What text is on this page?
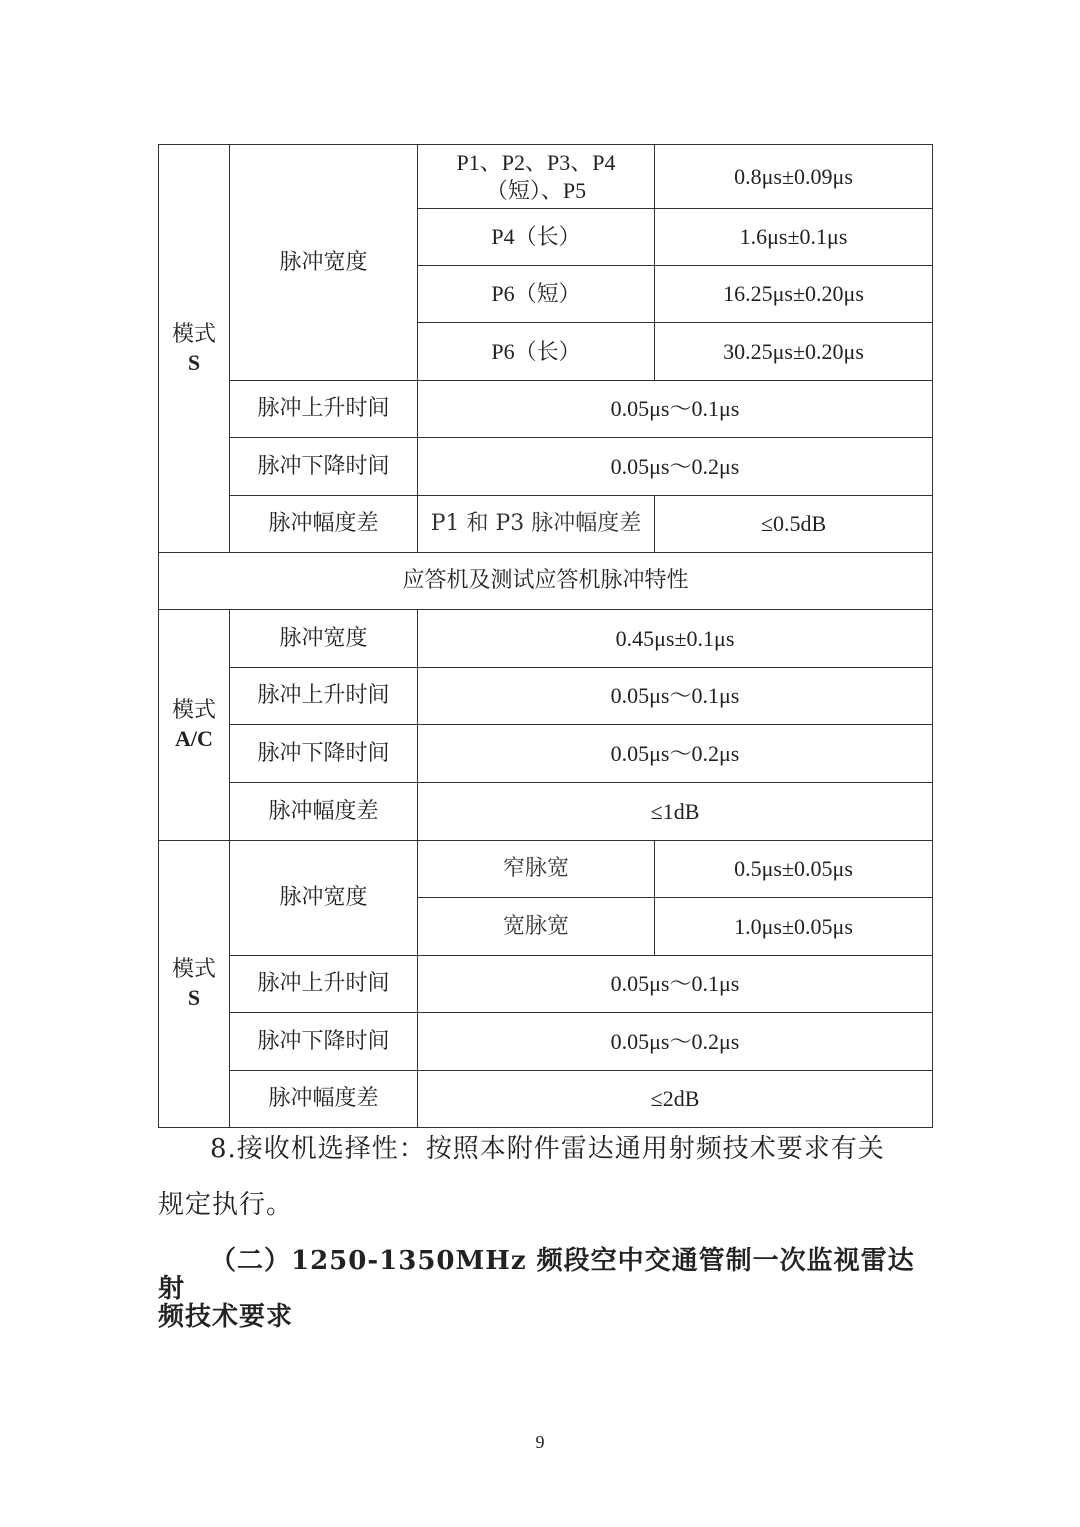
模式
S	脉冲宽度	P1、P2、P3、P4（短）、P5	0.8μs±0.09μs
		P4（长）	1.6μs±0.1μs
		P6（短）	16.25μs±0.20μs
		P6（长）	30.25μs±0.20μs
	脉冲上升时间	0.05μs～0.1μs	
	脉冲下降时间	0.05μs～0.2μs	
	脉冲幅度差	P1 和 P3 脉冲幅度差	≤0.5dB
应答机及测试应答机脉冲特性			
模式
A/C	脉冲宽度	0.45μs±0.1μs	
	脉冲上升时间	0.05μs～0.1μs	
	脉冲下降时间	0.05μs～0.2μs	
	脉冲幅度差	≤1dB	
模式
S	脉冲宽度	窄脉宽	0.5μs±0.05μs
		宽脉宽	1.0μs±0.05μs
	脉冲上升时间	0.05μs～0.1μs	
	脉冲下降时间	0.05μs～0.2μs	
	脉冲幅度差	≤2dB	
8.接收机选择性：按照本附件雷达通用射频技术要求有关
规定执行。
（二）1250-1350MHz 频段空中交通管制一次监视雷达射
频技术要求
9
